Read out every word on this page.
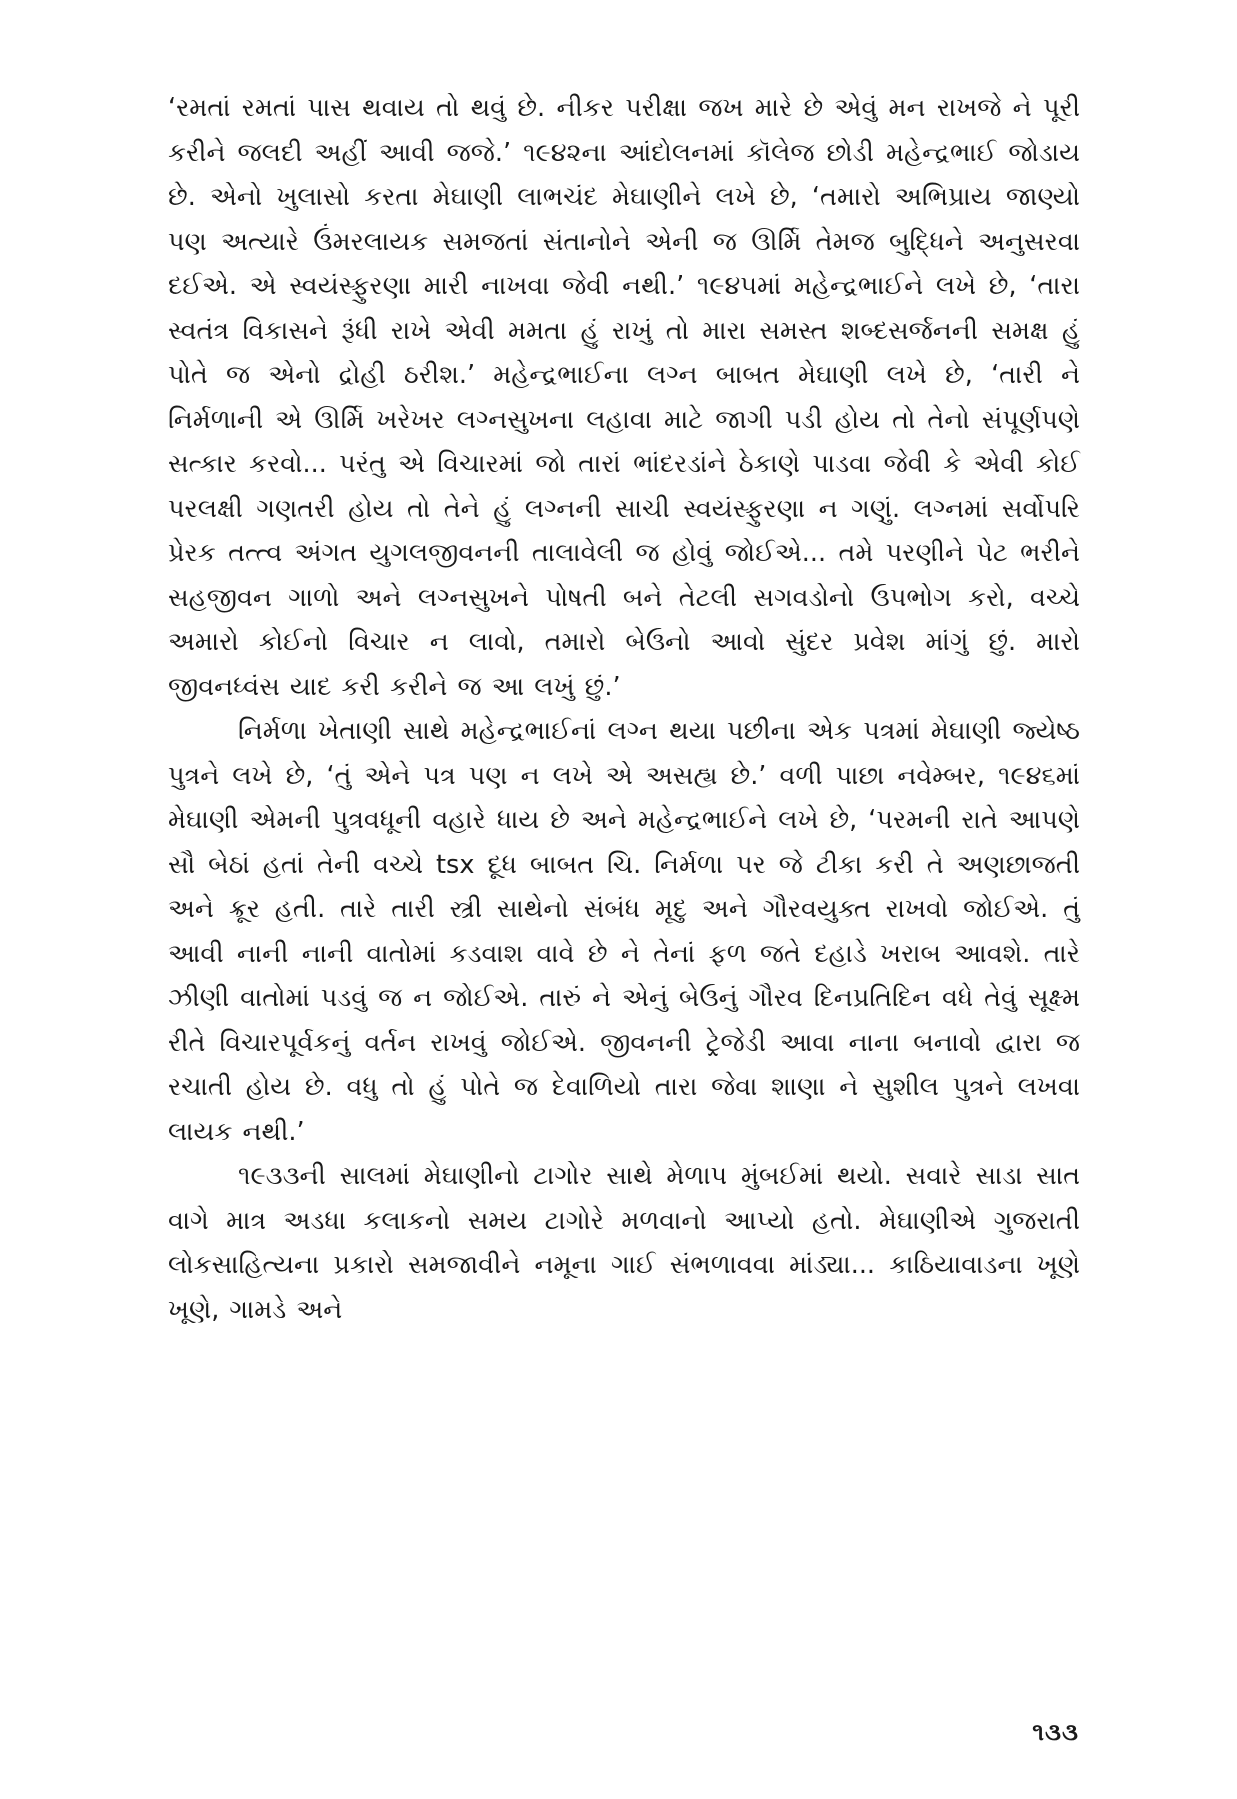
‘રમતાં રમતાં પાસ થવાય તો થવું છે. નીકર પરીક્ષા જખ મારે છે એવું મન રાખજે ને પૂરી કરીને જલદી અહીં આવી જજે.’ ૧૯૪૨ના આંદોલનમાં કૉલેજ છોડી મહેન્દ્રભાઈ જોડાય છે. એનો ખુલાસો કરતા મેઘાણી લાભચંદ મેઘાણીને લખે છે, ‘તમારો અભિપ્રાય જાણ્યો પણ અત્યારે ઉંમરલાયક સમજતાં સંતાનોને એની જ ઊર્મિ તેમજ બુદ્ધિને અનુસરવા દઈએ. એ સ્વયંસ્ફુરણા મારી નાખવા જેવી નથી.’ ૧૯૪૫માં મહેન્દ્રભાઈને લખે છે, ‘તારા સ્વતંત્ર વિકાસને રૂંધી રાખે એવી મમતા હું રાખું તો મારા સમસ્ત શબ્દસર્જનની સમક્ષ હું પોતે જ એનો દ્રોહી ઠરીશ.’ મહેન્દ્રભાઈના લગ્ન બાબત મેઘાણી લખે છે, ‘તારી ને નિર્મળાની એ ઊર્મિ ખરેખર લગ્નસુખના લહાવા માટે જાગી પડી હોય તો તેનો સંપૂર્ણપણે સત્કાર કરવો... પરંતુ એ વિચારમાં જો તારાં ભાંદરડાંને ઠેકાણે પાડવા જેવી કે એવી કોઈ પરલક્ષી ગણતરી હોય તો તેને હું લગ્નની સાચી સ્વયંસ્ફુરણા ન ગણું. લગ્નમાં સર્વોપરિ પ્રેરક તત્ત્વ અંગત યુગલજીવનની તાલાવેલી જ હોવું જોઈએ... તમે પરણીને પેટ ભરીને સહજીવન ગાળો અને લગ્નસુખને પોષતી બને તેટલી સગવડોનો ઉપભોગ કરો, વચ્ચે અમારો કોઈનો વિચાર ન લાવો, તમારો બેઉનો આવો સુંદર પ્રવેશ માંગું છું. મારો જીવનધ્વંસ યાદ કરી કરીને જ આ લખું છું.’

નિર્મળા ખેતાણી સાથે મહેન્દ્રભાઈનાં લગ્ન થયા પછીના એક પત્રમાં મેઘાણી જ્યેષ્ઠ પુત્રને લખે છે, ‘તું એને પત્ર પણ ન લખે એ અસહ્ય છે.’ વળી પાછા નવેમ્બર, ૧૯૪૬માં મેઘાણી એમની પુત્રવધૂની વહારે ધાય છે અને મહેન્દ્રભાઈને લખે છે, ‘પરમની રાતે આપણે સૌ બેઠાં હતાં તેની વચ્ચે tsx દૂધ બાબત ચિ. નિર્મળા પર જે ટીકા કરી તે અણછાજતી અને ક્રૂર હતી. તારે તારી સ્ત્રી સાથેનો સંબંધ મૃદુ અને ગૌરવયુક્ત રાખવો જોઈએ. તું આવી નાની નાની વાતોમાં કડવાશ વાવે છે ને તેનાં ફળ જતે દહાડે ખરાબ આવશે. તારે ઝીણી વાતોમાં પડવું જ ન જોઈએ. તારું ને એનું બેઉનું ગૌરવ દિનપ્રતિદિન વધે તેવું સૂક્ષ્મ રીતે વિચારપૂર્વકનું વર્તન રાખવું જોઈએ. જીવનની ટ્રેજેડી આવા નાના બનાવો દ્વારા જ રચાતી હોય છે. વધુ તો હું પોતે જ દેવાળિયો તારા જેવા શાણા ને સુશીલ પુત્રને લખવા લાયક નથી.’

૧૯૩૩ની સાલમાં મેઘાણીનો ટાગોર સાથે મેળાપ મુંબઈમાં થયો. સવારે સાડા સાત વાગે માત્ર અડધા કલાકનો સમય ટાગોરે મળવાનો આપ્યો હતો. મેઘાણીએ ગુજરાતી લોકસાહિત્યના પ્રકારો સમજાવીને નમૂના ગાઈ સંભળાવવા માંડ્યા... કાઠિયાવાડના ખૂણે ખૂણે, ગામડે અને

૧૩૩
